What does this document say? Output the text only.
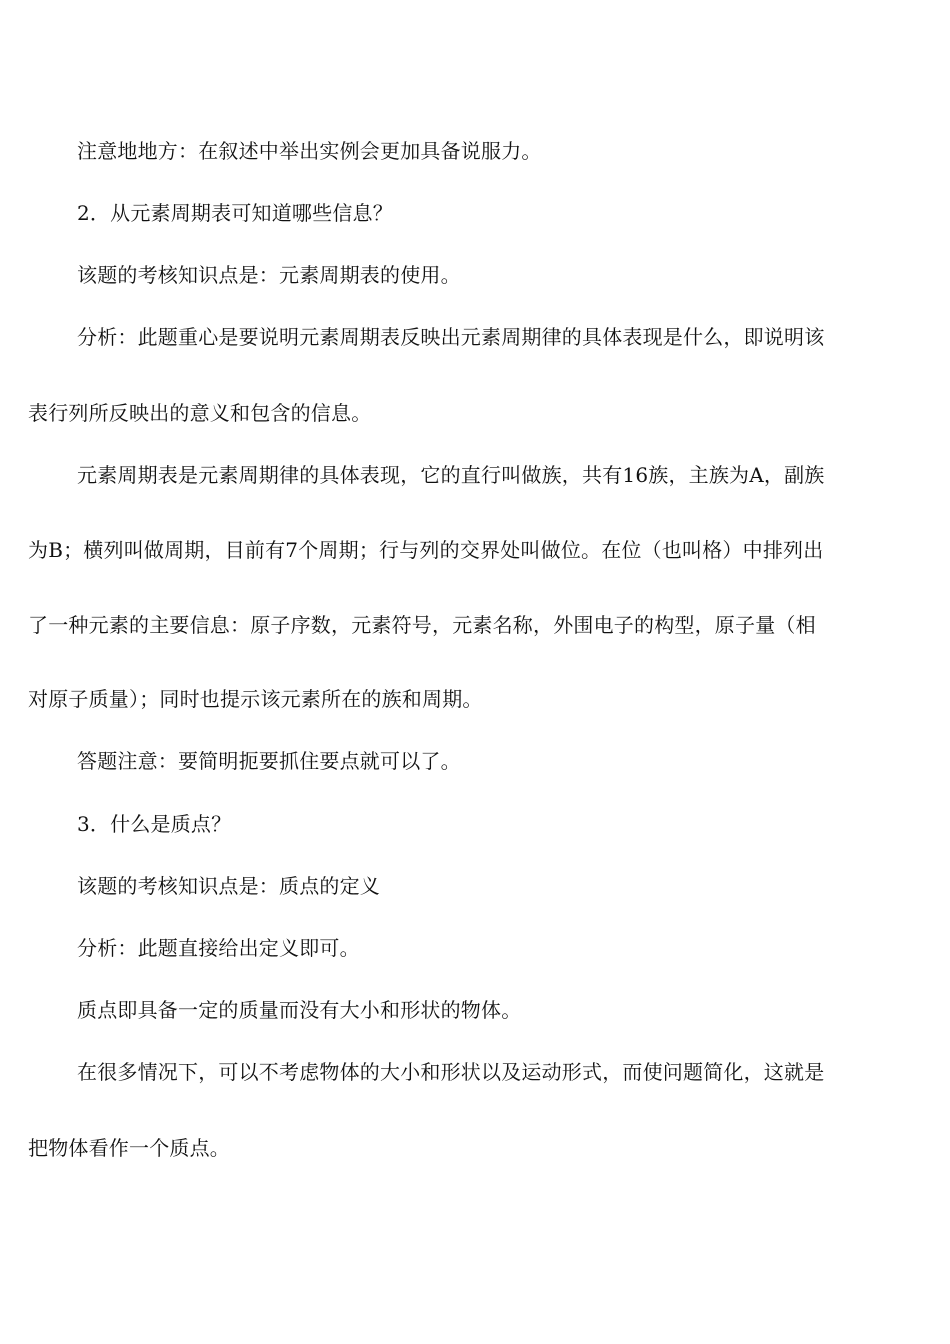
注意地地方：在叙述中举出实例会更加具备说服力。
2．从元素周期表可知道哪些信息？
该题的考核知识点是：元素周期表的使用。
分析：此题重心是要说明元素周期表反映出元素周期律的具体表现是什么，即说明该
表行列所反映出的意义和包含的信息。
元素周期表是元素周期律的具体表现，它的直行叫做族，共有16族，主族为A，副族
为B；横列叫做周期，目前有7个周期；行与列的交界处叫做位。在位（也叫格）中排列出
了一种元素的主要信息：原子序数，元素符号，元素名称，外围电子的构型，原子量（相
对原子质量）；同时也提示该元素所在的族和周期。
答题注意：要简明扼要抓住要点就可以了。
3．什么是质点？
该题的考核知识点是：质点的定义
分析：此题直接给出定义即可。
质点即具备一定的质量而没有大小和形状的物体。
在很多情况下，可以不考虑物体的大小和形状以及运动形式，而使问题简化，这就是
把物体看作一个质点。
